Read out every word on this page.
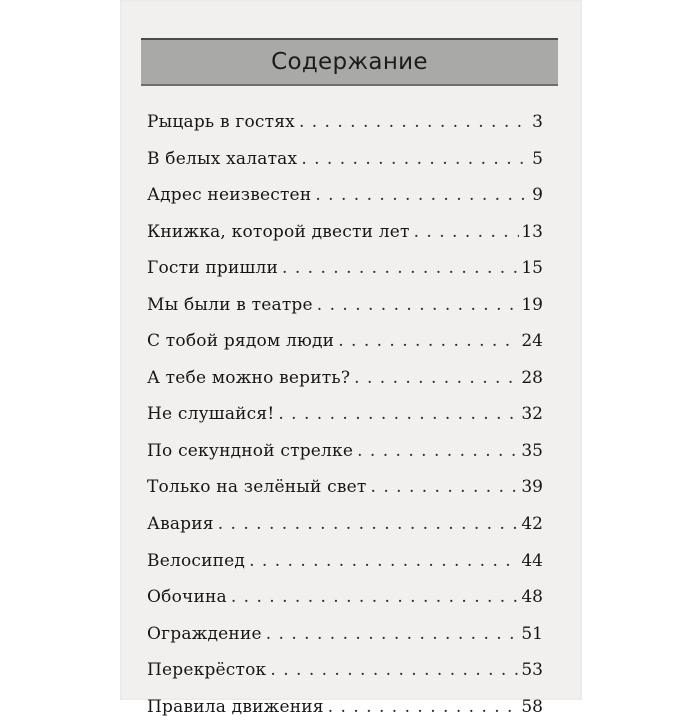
Содержание
Рыцарь в гостях . . .	3
В белых халатах . . .	5
Адрес неизвестен . . .	9
Книжка, которой двести лет . . .	13
Гости пришли . . .	15
Мы были в театре . . .	19
С тобой рядом люди . . .	24
А тебе можно верить? . . .	28
Не слушайся! . . .	32
По секундной стрелке . . .	35
Только на зелёный свет . . .	39
Авария . . .	42
Велосипед . . .	44
Обочина . . .	48
Ограждение . . .	51
Перекрёсток . . .	53
Правила движения . . .	58
